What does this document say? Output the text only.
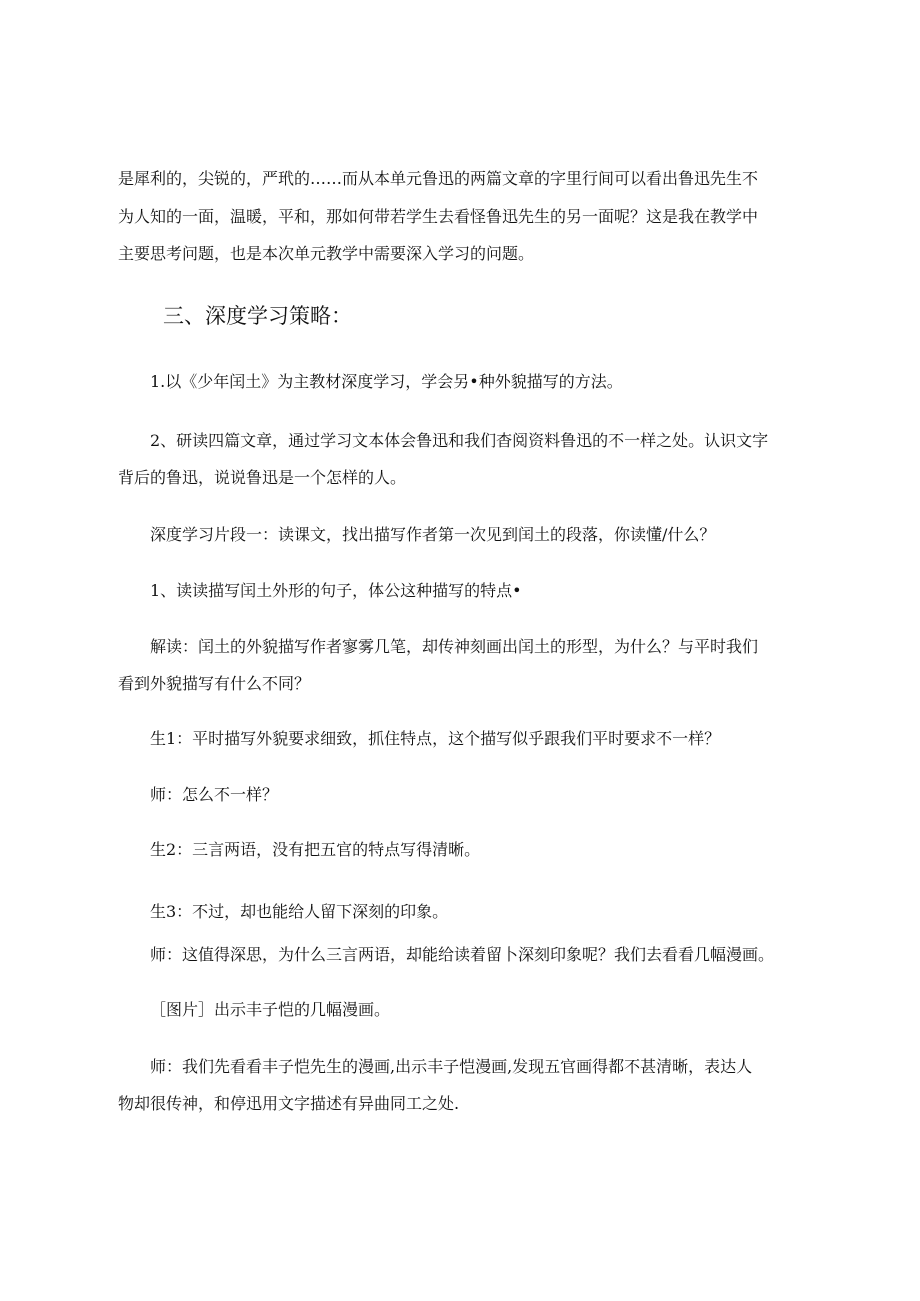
是犀利的，尖锐的，严玳的……而从本单元鲁迅的两篇文章的字里行间可以看出鲁迅先生不

为人知的一面，温暖，平和，那如何带若学生去看怪鲁迅先生的另一面呢？这是我在教学中

主要思考问题，也是本次单元教学中需要深入学习的问题。

三、深度学习策略：

1.以《少年闰土》为主教材深度学习，学会另•种外貌描写的方法。

2、研读四篇文章，通过学习文本体会鲁迅和我们杳阅资料鲁迅的不一样之处。认识文字

背后的鲁迅，说说鲁迅是一个怎样的人。

深度学习片段一：读课文，找出描写作者第一次见到闰土的段落，你读懂/什么？

1、读读描写闰土外形的句子，体公这种描写的特点•

解读：闰土的外貌描写作者寥雾几笔，却传神刻画出闰土的形型，为什么？与平时我们

看到外貌描写有什么不同？

生1：平时描写外貌要求细致，抓住特点，这个描写似乎跟我们平时要求不一样？

师：怎么不一样？

生2：三言两语，没有把五官的特点写得清晰。

生3：不过，却也能给人留下深刻的印象。

师：这值得深思，为什么三言两语，却能给读着留卜深刻印象呢？我们去看看几幅漫画。

［图片］出示丰子恺的几幅漫画。

师：我们先看看丰子恺先生的漫画,出示丰子恺漫画,发现五官画得都不甚清晰，表达人

物却很传神，和停迅用文字描述有异曲同工之处.
